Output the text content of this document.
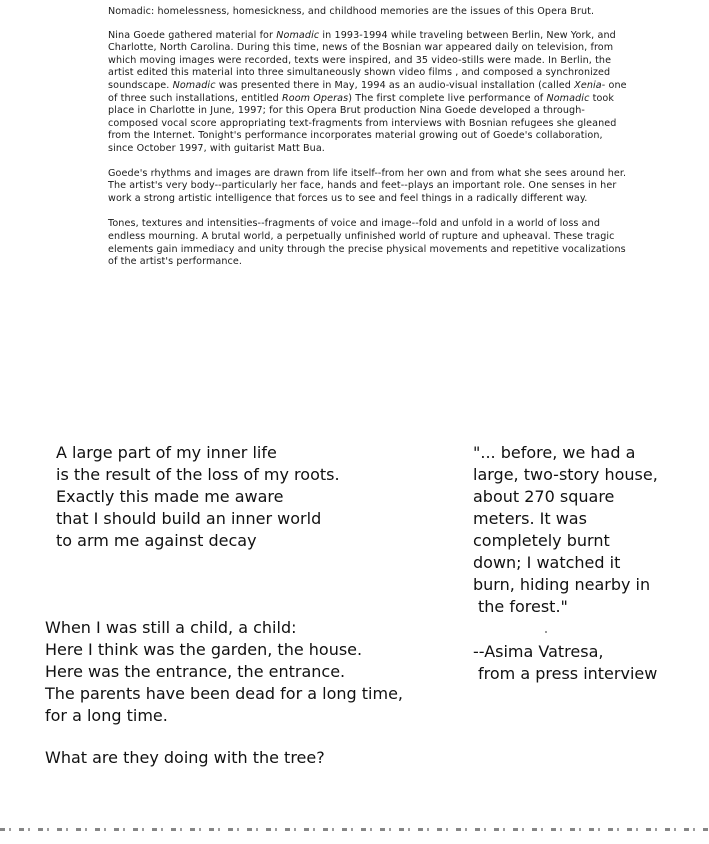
Nomadic: homelessness, homesickness, and childhood memories are the issues of this Opera Brut.

Nina Goede gathered material for Nomadic in 1993-1994 while traveling between Berlin, New York, and Charlotte, North Carolina. During this time, news of the Bosnian war appeared daily on television, from which moving images were recorded, texts were inspired, and 35 video-stills were made. In Berlin, the artist edited this material into three simultaneously shown video films , and composed a synchronized soundscape. Nomadic was presented there in May, 1994 as an audio-visual installation (called Xenia- one of three such installations, entitled Room Operas) The first complete live performance of Nomadic took place in Charlotte in June, 1997; for this Opera Brut production Nina Goede developed a through-composed vocal score appropriating text-fragments from interviews with Bosnian refugees she gleaned from the Internet. Tonight's performance incorporates material growing out of Goede's collaboration, since October 1997, with guitarist Matt Bua.

Goede's rhythms and images are drawn from life itself--from her own and from what she sees around her. The artist's very body--particularly her face, hands and feet--plays an important role. One senses in her work a strong artistic intelligence that forces us to see and feel things in a radically different way.

Tones, textures and intensities--fragments of voice and image--fold and unfold in a world of loss and endless mourning. A brutal world, a perpetually unfinished world of rupture and upheaval. These tragic elements gain immediacy and unity through the precise physical movements and repetitive vocalizations of the artist's performance.

A large part of my inner life
is the result of the loss of my roots.
Exactly this made me aware
that I should build an inner world
to arm me against decay
"... before, we had a
large, two-story house,
about 270 square
meters. It was
completely burnt
down; I watched it
burn, hiding nearby in
the forest."
--Asima Vatresa,
from a press interview
When I was still a child, a child:
Here I think was the garden, the house.
Here was the entrance, the entrance.
The parents have been dead for a long time,
for a long time.
What are they doing with the tree?
